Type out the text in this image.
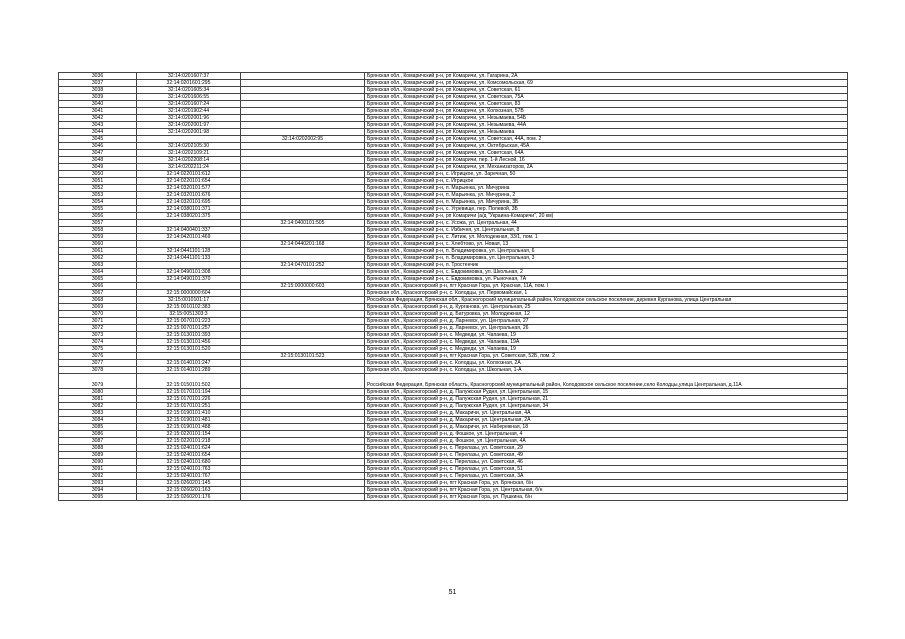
3036	32:14:0201607:37		Брянская обл., Комаричский р-н, рп Комаричи, ул. Гагарина, 2А
3037	32:14:0201601:295		Брянская обл., Комаричский р-н, рп Комаричи, ул. Комсомольская, 69
3038	32:14:0201605:34		Брянская обл., Комаричский р-н, рп Комаричи, ул. Советская, 61
3039	32:14:0201606:55		Брянская обл., Комаричский р-н, рп Комаричи, ул. Советская, 75А
3040	32:14:0201607:24		Брянская обл., Комаричский р-н, рп Комаричи, ул. Советская, 83
3041	32:14:0201902:44		Брянская обл., Комаричский р-н, рп Комаричи, ул. Колхозная, 57В
3042	32:14:0202001:96		Брянская обл., Комаричский р-н, рп Комаричи, ул. Незымаева, 54Б
3043	32:14:0202001:97		Брянская обл., Комаричский р-н, рп Комаричи, ул. Незымаева, 44А
3044	32:14:0202001:98		Брянская обл., Комаричский р-н, рп Комаричи, ул. Незымаева
3045		32:14:0202002:95	Брянская обл., Комаричский р-н, рп Комаричи, ул. Советская, 44А, пом. 2
3046	32:14:0202105:30		Брянская обл., Комаричский р-н, рп Комаричи, ул. Октябрьская, 45А
3047	32:14:0202109:21		Брянская обл., Комаричский р-н, рп Комаричи, ул. Советская, 64А
3048	32:14:0202208:14		Брянская обл., Комаричский р-н, рп Комаричи, пер. 1-й Лесной, 16
3049	32:14:0202211:24		Брянская обл., Комаричский р-н, рп Комаричи, ул. Механизаторов, 2А
3050	32:14:0220101:612		Брянская обл., Комаричский р-н, с. Игрицкое, ул. Заречная, 50
3051	32:14:0220101:654		Брянская обл., Комаричский р-н, с. Игрицкое
3052	32:14:0320101:577		Брянская обл., Комаричский р-н, п. Марьинка, ул. Мичурина
3053	32:14:0320101:676		Брянская обл., Комаричский р-н, п. Марьинка, ул. Мичурина, 2
3054	32:14:0320101:695		Брянская обл., Комаричский р-н, п. Марьинка, ул. Мичурина, 3Б
3055	32:14:0380101:371		Брянская обл., Комаричский р-н, с. Угревище, пер. Полевой, 3Б
3056	32:14:0380201:375		Брянская обл., Комаричский р-н, рп Комаричи (а/д "Украина-Комаричи", 20 км)
3057		32:14:0400101:505	Брянская обл., Комаричский р-н, с. Усожа, ул. Центральная, 44
3058	32:14:0400401:337		Брянская обл., Комаричский р-н, с. Избичня, ул. Центральная, 8
3059	32:14:0420101:469		Брянская обл., Комаричский р-н, с. Литиж, ул. Молодежная, 33/1, пом. 1
3060		32:14:0440201:168	Брянская обл., Комаричский р-н, с. Хлебтово, ул. Новая, 13
3061	32:14:0441101:128		Брянская обл., Комаричский р-н, п. Владимировка, ул. Центральная, 6
3062	32:14:0441101:133		Брянская обл., Комаричский р-н, п. Владимировка, ул. Центральная, 3
3063		32:14:0470101:252	Брянская обл., Комаричский р-н, п. Тростенчик
3064	32:14:0490101:308		Брянская обл., Комаричский р-н, с. Евдокимовка, ул. Школьная, 2
3065	32:14:0490101:370		Брянская обл., Комаричский р-н, с. Евдокимовка, ул. Рыночная, 7А
3066		32:15:0000000:603	Брянская обл., Красногорский р-н, пгт Красная Гора, ул. Красная, 11А, пом. I
3067	32:15:0000000:604		Брянская обл., Красногорский р-н, с. Колодцы, ул. Первомайская, 1
3068	32:15:0010101:17		Российская Федерация, Брянская обл., Красногорский муниципальный район, Колодовское сельское поселение, деревня Курганова, улица Центральная
3069	32:15:0010102:383		Брянская обл., Красногорский р-н, д. Курганова, ул. Центральная, 25
3070	32:15:0051303:3		Брянская обл., Красногорский р-н, д. Батуровка, ул. Молодежная, 12
3071	32:15:0070101:223		Брянская обл., Красногорский р-н, д. Ларневск, ул. Центральная, 27
3072	32:15:0070101:257		Брянская обл., Красногорский р-н, д. Ларневск, ул. Центральная, 26
3073	32:15:0130101:393		Брянская обл., Красногорский р-н, с. Медведи, ул. Чапаева, 19
3074	32:15:0130101:456		Брянская обл., Красногорский р-н, с. Медведи, ул. Чапаева, 19А
3075	32:15:0130101:520		Брянская обл., Красногорский р-н, с. Медведи, ул. Чапаева, 19
3076		32:15:0130101:523	Брянская обл., Красногорский р-н, пгт Красная Гора, ул. Советская, 52Б, пом. 2
3077	32:15:0140101:247		Брянская обл., Красногорский р-н, с. Колодцы, ул. Колхозная, 2А
3078	32:15:0140101:289		Брянская обл., Красногорский р-н, с. Колодцы, ул. Школьная, 1-А
3079	32:15:0150101:502		Российская Федерация, Брянская область, Красногорский муниципальный район, Колодовское сельское поселение,село Колодцы,улица Центральная, д.11А
3080	32:15:0170101:194		Брянская обл., Красногорский р-н, д. Палужская Рудня, ул. Центральная, 15
3081	32:15:0170101:226		Брянская обл., Красногорский р-н, д. Палужская Рудня, ул. Центральная, 21
3082	32:15:0170101:251		Брянская обл., Красногорский р-н, д. Палужская Рудня, ул. Центральная, 34
3083	32:15:0190101:410		Брянская обл., Красногорский р-н, д. Макаричи, ул. Центральная, 4А
3084	32:15:0190101:481		Брянская обл., Красногорский р-н, д. Макаричи, ул. Центральная, 2А
3085	32:15:0190101:488		Брянская обл., Красногорский р-н, д. Макаричи, ул. Набережная, 18
3086	32:15:0220101:154		Брянская обл., Красногорский р-н, д. Фошкое, ул. Центральная, 4
3087	32:15:0220101:218		Брянская обл., Красногорский р-н, д. Фошкое, ул. Центральная, 4А
3088	32:15:0240101:624		Брянская обл., Красногорский р-н, с. Перелазы, ул. Советская, 29
3089	32:15:0240101:654		Брянская обл., Красногорский р-н, с. Перелазы, ул. Советская, 49
3090	32:15:0240101:680		Брянская обл., Красногорский р-н, с. Перелазы, ул. Советская, 46
3091	32:15:0240101:763		Брянская обл., Красногорский р-н, с. Перелазы, ул. Советская, 51
3092	32:15:0240101:767		Брянская обл., Красногорский р-н, с. Перелазы, ул. Советская, 3А
3093	32:15:0260201:145		Брянская обл., Красногорский р-н, пгт Красная Гора, ул. Брянская, б/н
3094	32:15:0260201:163		Брянская обл., Красногорский р-н, пгт Красная Гора, ул. Центральная, б/н
3095	32:15:0260201:176		Брянская обл., Красногорский р-н, пгт Красная Гора, ул. Пушкина, б/н
51
